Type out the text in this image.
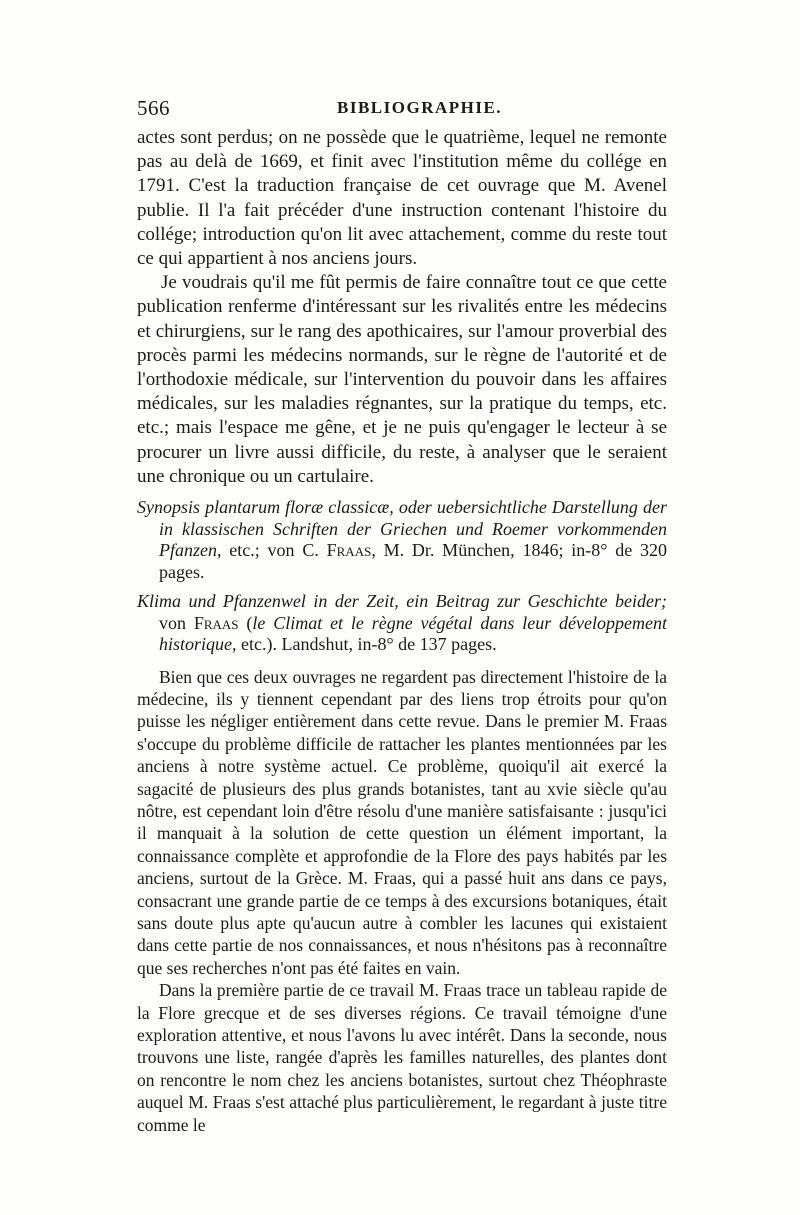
566	BIBLIOGRAPHIE.

actes sont perdus; on ne possède que le quatrième, lequel ne remonte pas au delà de 1669, et finit avec l'institution même du collége en 1791. C'est la traduction française de cet ouvrage que M. Avenel publie. Il l'a fait précéder d'une instruction contenant l'histoire du collége; introduction qu'on lit avec attachement, comme du reste tout ce qui appartient à nos anciens jours.

Je voudrais qu'il me fût permis de faire connaître tout ce que cette publication renferme d'intéressant sur les rivalités entre les médecins et chirurgiens, sur le rang des apothicaires, sur l'amour proverbial des procès parmi les médecins normands, sur le règne de l'autorité et de l'orthodoxie médicale, sur l'intervention du pouvoir dans les affaires médicales, sur les maladies régnantes, sur la pratique du temps, etc. etc.; mais l'espace me gêne, et je ne puis qu'engager le lecteur à se procurer un livre aussi difficile, du reste, à analyser que le seraient une chronique ou un cartulaire.

Synopsis plantarum floræ classicæ, oder uebersichtliche Darstellung der in klassischen Schriften der Griechen und Roemer vorkommenden Pfanzen, etc.; von C. Fraas, M. Dr. München, 1846; in-8° de 320 pages.

Klima und Pfanzenwel in der Zeit, ein Beitrag zur Geschichte beider; von Fraas (le Climat et le règne végétal dans leur développement historique, etc.). Landshut, in-8° de 137 pages.

Bien que ces deux ouvrages ne regardent pas directement l'histoire de la médecine, ils y tiennent cependant par des liens trop étroits pour qu'on puisse les négliger entièrement dans cette revue. Dans le premier M. Fraas s'occupe du problème difficile de rattacher les plantes mentionnées par les anciens à notre système actuel. Ce problème, quoiqu'il ait exercé la sagacité de plusieurs des plus grands botanistes, tant au xvie siècle qu'au nôtre, est cependant loin d'être résolu d'une manière satisfaisante : jusqu'ici il manquait à la solution de cette question un élément important, la connaissance complète et approfondie de la Flore des pays habités par les anciens, surtout de la Grèce. M. Fraas, qui a passé huit ans dans ce pays, consacrant une grande partie de ce temps à des excursions botaniques, était sans doute plus apte qu'aucun autre à combler les lacunes qui existaient dans cette partie de nos connaissances, et nous n'hésitons pas à reconnaître que ses recherches n'ont pas été faites en vain.

Dans la première partie de ce travail M. Fraas trace un tableau rapide de la Flore grecque et de ses diverses régions. Ce travail témoigne d'une exploration attentive, et nous l'avons lu avec intérêt. Dans la seconde, nous trouvons une liste, rangée d'après les familles naturelles, des plantes dont on rencontre le nom chez les anciens botanistes, surtout chez Théophraste auquel M. Fraas s'est attaché plus particulièrement, le regardant à juste titre comme le
